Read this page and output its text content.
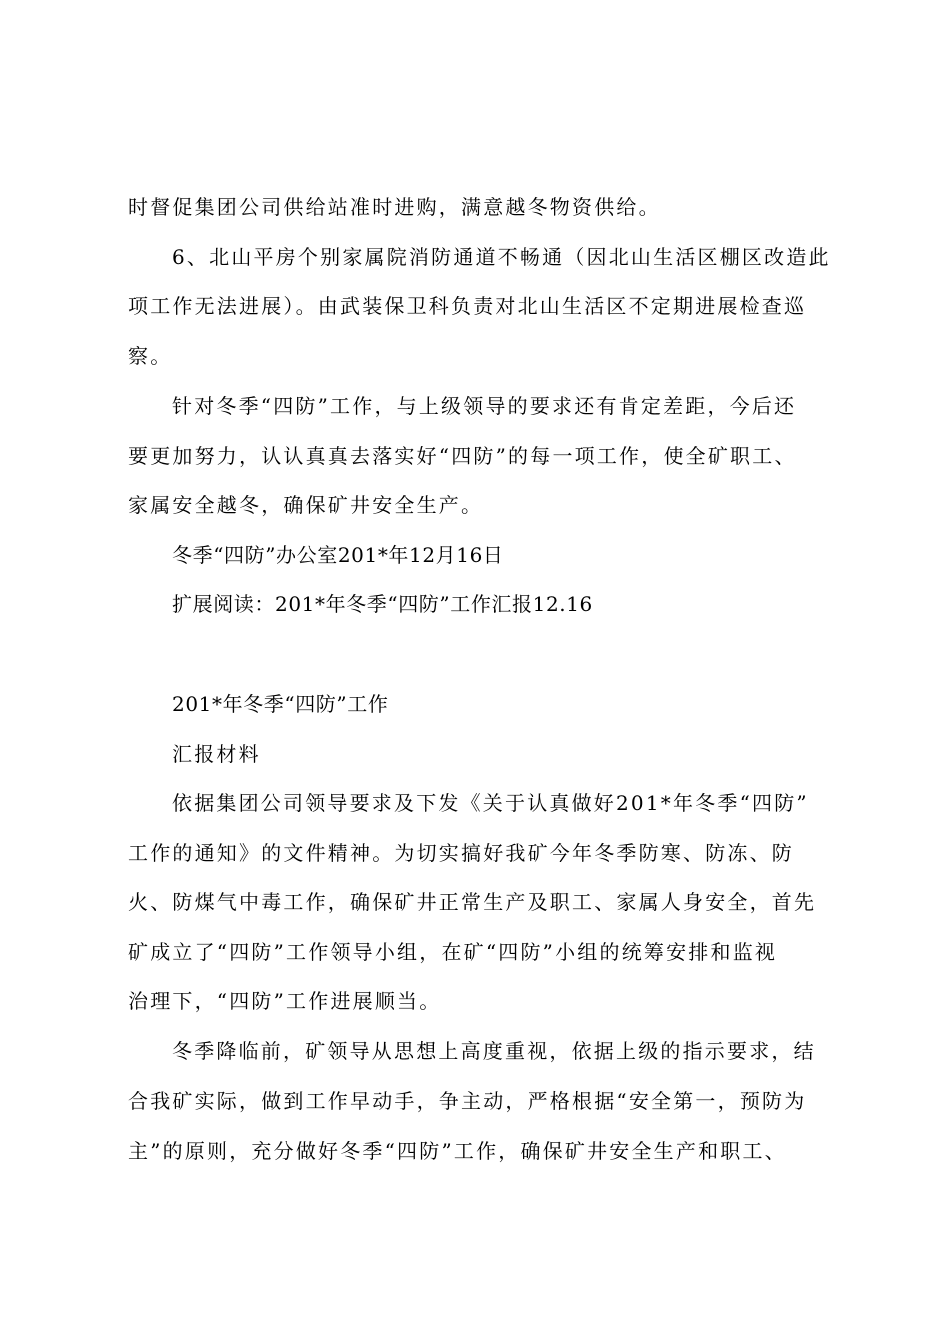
时督促集团公司供给站准时进购，满意越冬物资供给。
6、北山平房个别家属院消防通道不畅通（因北山生活区棚区改造此
项工作无法进展）。由武装保卫科负责对北山生活区不定期进展检查巡
察。
针对冬季“四防”工作，与上级领导的要求还有肯定差距，今后还
要更加努力，认认真真去落实好“四防”的每一项工作，使全矿职工、
家属安全越冬，确保矿井安全生产。
冬季“四防”办公室201*年12月16日
扩展阅读：201*年冬季“四防”工作汇报12.16
201*年冬季“四防”工作
汇报材料
依据集团公司领导要求及下发《关于认真做好201*年冬季“四防”
工作的通知》的文件精神。为切实搞好我矿今年冬季防寒、防冻、防
火、防煤气中毒工作，确保矿井正常生产及职工、家属人身安全，首先
矿成立了“四防”工作领导小组，在矿“四防”小组的统筹安排和监视
治理下，“四防”工作进展顺当。
冬季降临前，矿领导从思想上高度重视，依据上级的指示要求，结
合我矿实际，做到工作早动手，争主动，严格根据“安全第一，预防为
主”的原则，充分做好冬季“四防”工作，确保矿井安全生产和职工、
